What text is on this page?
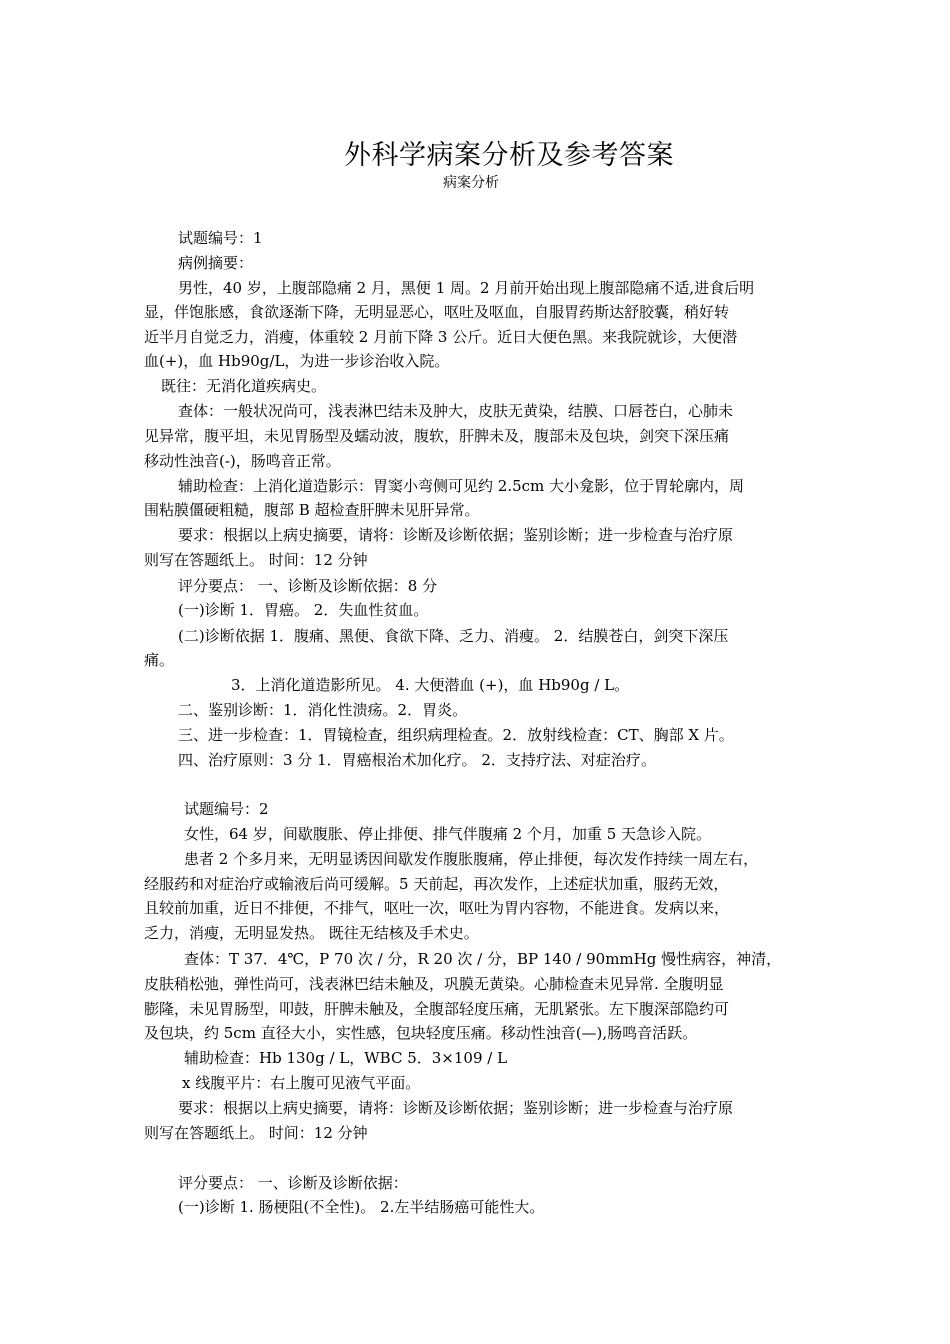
外科学病案分析及参考答案
病案分析
试题编号：1
病例摘要：
男性，40 岁，上腹部隐痛 2 月，黑便 1 周。2 月前开始出现上腹部隐痛不适,进食后明
显，伴饱胀感，食欲逐渐下降，无明显恶心，呕吐及呕血，自服胃药斯达舒胶囊，稍好转
近半月自觉乏力，消瘦，体重较 2 月前下降 3 公斤。近日大便色黑。来我院就诊，大便潜
血(+)，血 Hb90g/L，为进一步诊治收入院。
既往：无消化道疾病史。
查体：一般状况尚可，浅表淋巴结未及肿大，皮肤无黄染，结膜、口唇苍白，心肺未
见异常，腹平坦，未见胃肠型及蠕动波，腹软，肝脾未及，腹部未及包块，剑突下深压痛
移动性浊音(-)，肠鸣音正常。
辅助检查：上消化道造影示：胃窦小弯侧可见约 2.5cm 大小龛影，位于胃轮廓内，周
围粘膜僵硬粗糙，腹部 B 超检查肝脾未见肝异常。
要求：根据以上病史摘要，请将：诊断及诊断依据；鉴别诊断；进一步检查与治疗原
则写在答题纸上。 时间：12 分钟
评分要点： 一、诊断及诊断依据：8 分
(一)诊断 1．胃癌。 2．失血性贫血。
(二)诊断依据 1．腹痛、黑便、食欲下降、乏力、消瘦。 2．结膜苍白，剑突下深压
痛。
3．上消化道造影所见。 4. 大便潜血 (+)，血 Hb90g / L。
二、鉴别诊断：1．消化性溃疡。2．胃炎。
三、进一步检查：1．胃镜检查，组织病理检查。2．放射线检查：CT、胸部 X 片。
四、治疗原则：3 分 1．胃癌根治术加化疗。 2．支持疗法、对症治疗。
试题编号：2
女性，64 岁，间歇腹胀、停止排便、排气伴腹痛 2 个月，加重 5 天急诊入院。
患者 2 个多月来，无明显诱因间歇发作腹胀腹痛，停止排便，每次发作持续一周左右，
经服药和对症治疗或输液后尚可缓解。5 天前起，再次发作，上述症状加重，服药无效，
且较前加重，近日不排便，不排气，呕吐一次，呕吐为胃内容物，不能进食。发病以来，
乏力，消瘦，无明显发热。 既往无结核及手术史。
查体：T 37．4℃，P 70 次 / 分，R 20 次 / 分，BP 140 / 90mmHg 慢性病容，神清，
皮肤稍松弛，弹性尚可，浅表淋巴结未触及，巩膜无黄染。心肺检查未见异常. 全腹明显
膨隆，未见胃肠型，叩鼓，肝脾未触及，全腹部轻度压痛，无肌紧张。左下腹深部隐约可
及包块，约 5cm 直径大小，实性感，包块轻度压痛。移动性浊音(—),肠鸣音活跃。
辅助检查：Hb 130g / L，WBC 5．3×109 / L
x 线腹平片：右上腹可见液气平面。
要求：根据以上病史摘要，请将：诊断及诊断依据；鉴别诊断；进一步检查与治疗原
则写在答题纸上。 时间：12 分钟
评分要点： 一、诊断及诊断依据：
(一)诊断 1. 肠梗阻(不全性)。 2.左半结肠癌可能性大。
